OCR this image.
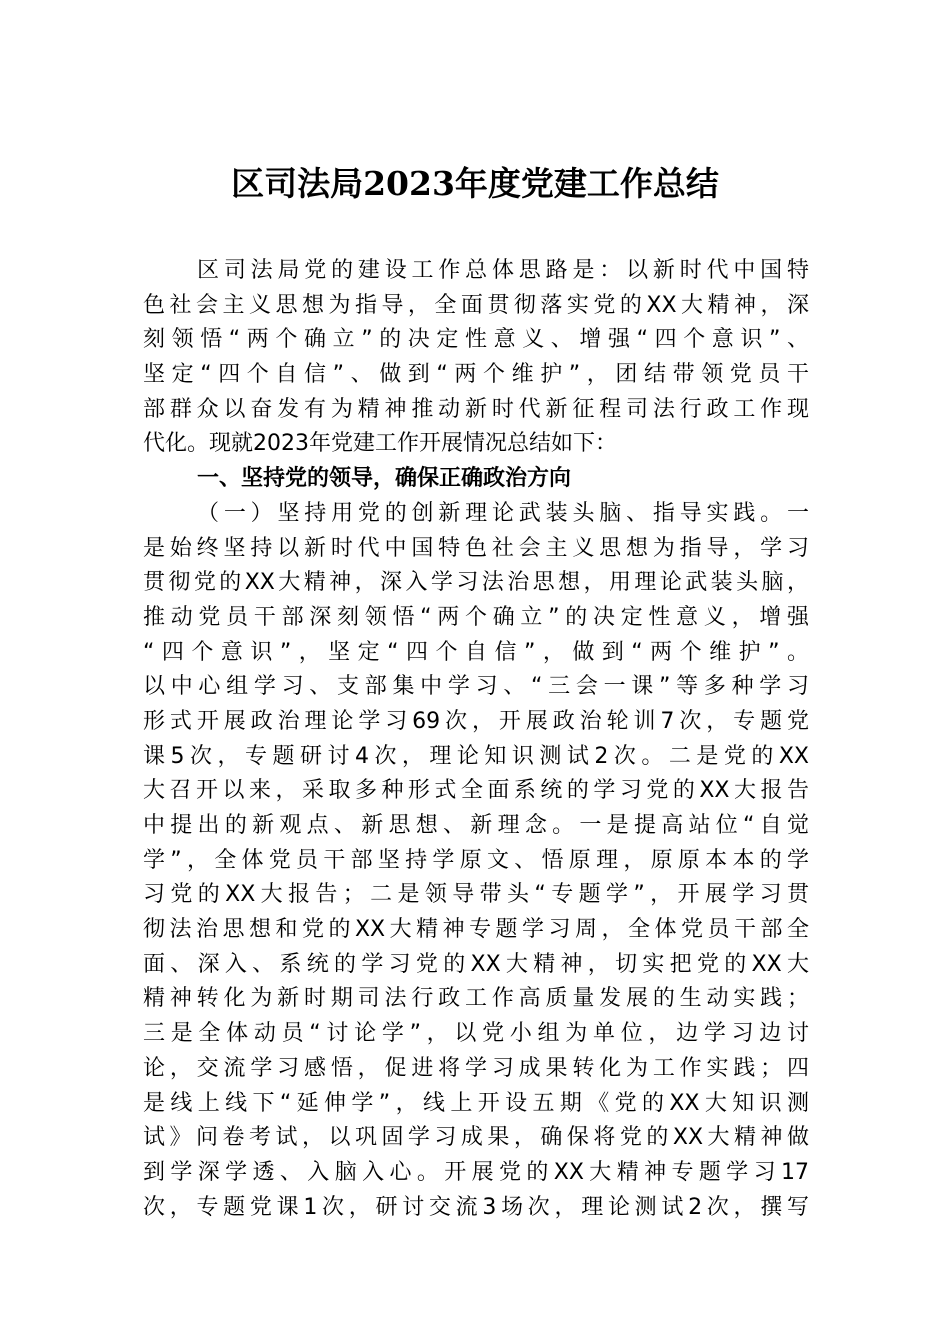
区司法局2023年度党建工作总结
区司法局党的建设工作总体思路是：以新时代中国特
色社会主义思想为指导，全面贯彻落实党的XX大精神，深
刻领悟“两个确立”的决定性意义、增强“四个意识”、
坚定“四个自信”、做到“两个维护”，团结带领党员干
部群众以奋发有为精神推动新时代新征程司法行政工作现
代化。现就2023年党建工作开展情况总结如下：
一、坚持党的领导，确保正确政治方向
（一）坚持用党的创新理论武装头脑、指导实践。一
是始终坚持以新时代中国特色社会主义思想为指导，学习
贯彻党的XX大精神，深入学习法治思想，用理论武装头脑，
推动党员干部深刻领悟“两个确立”的决定性意义，增强
“四个意识”，坚定“四个自信”，做到“两个维护”。
以中心组学习、支部集中学习、“三会一课”等多种学习
形式开展政治理论学习69次，开展政治轮训7次，专题党
课5次，专题研讨4次，理论知识测试2次。二是党的XX
大召开以来，采取多种形式全面系统的学习党的XX大报告
中提出的新观点、新思想、新理念。一是提高站位“自觉
学”，全体党员干部坚持学原文、悟原理，原原本本的学
习党的XX大报告；二是领导带头“专题学”，开展学习贯
彻法治思想和党的XX大精神专题学习周，全体党员干部全
面、深入、系统的学习党的XX大精神，切实把党的XX大
精神转化为新时期司法行政工作高质量发展的生动实践；
三是全体动员“讨论学”，以党小组为单位，边学习边讨
论，交流学习感悟，促进将学习成果转化为工作实践；四
是线上线下“延伸学”，线上开设五期《党的XX大知识测
试》问卷考试，以巩固学习成果，确保将党的XX大精神做
到学深学透、入脑入心。开展党的XX大精神专题学习17
次，专题党课1次，研讨交流3场次，理论测试2次，撰写
